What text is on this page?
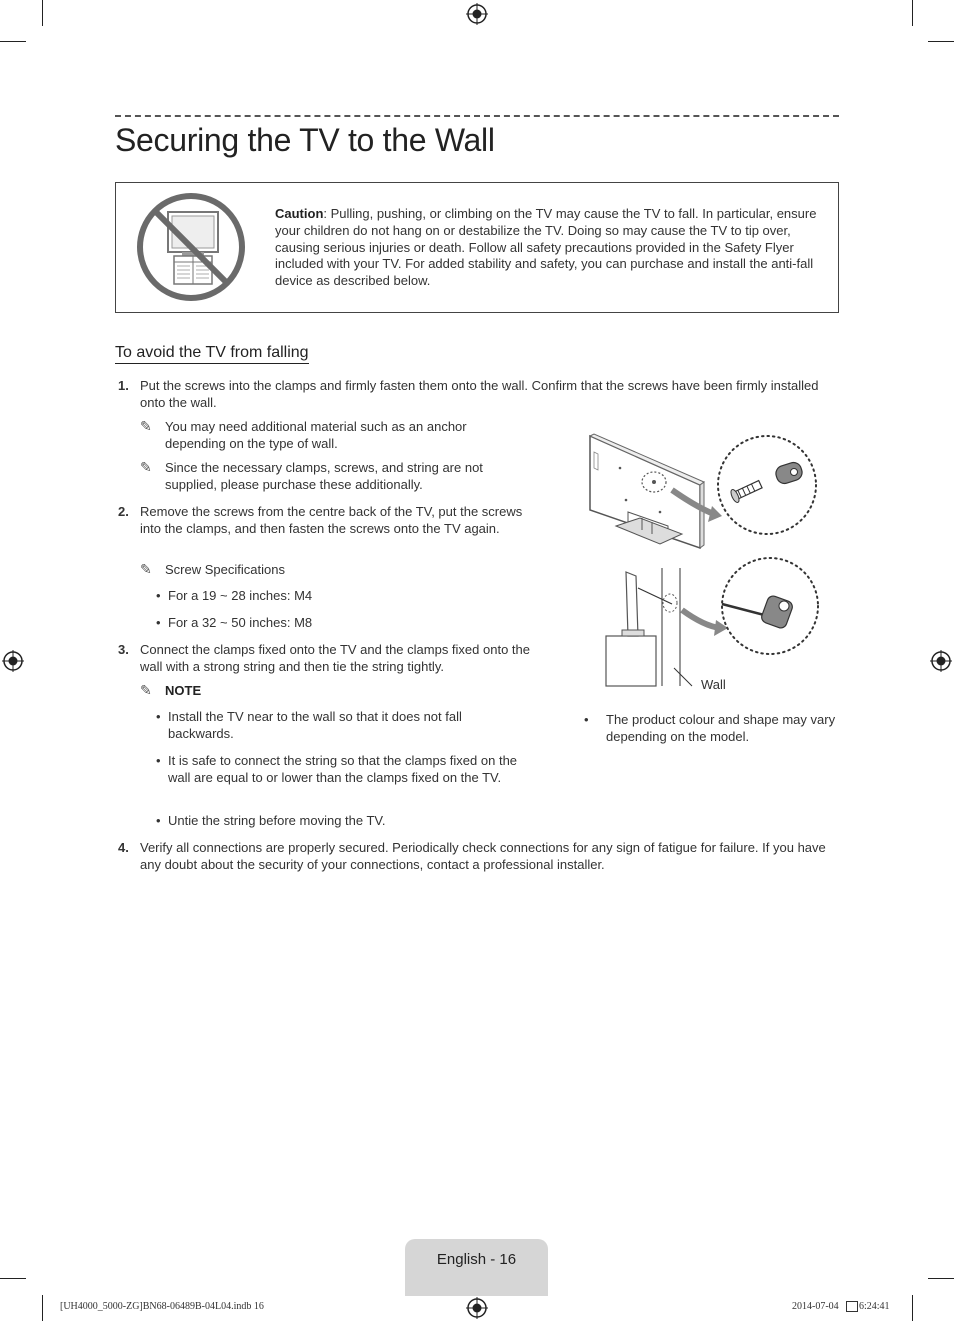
Securing the TV to the Wall
Caution: Pulling, pushing, or climbing on the TV may cause the TV to fall. In particular, ensure your children do not hang on or destabilize the TV. Doing so may cause the TV to tip over, causing serious injuries or death. Follow all safety precautions provided in the Safety Flyer included with your TV. For added stability and safety, you can purchase and install the anti-fall device as described below.
To avoid the TV from falling
1. Put the screws into the clamps and firmly fasten them onto the wall. Confirm that the screws have been firmly installed onto the wall.
✎ You may need additional material such as an anchor depending on the type of wall.
✎ Since the necessary clamps, screws, and string are not supplied, please purchase these additionally.
2. Remove the screws from the centre back of the TV, put the screws into the clamps, and then fasten the screws onto the TV again.
✎ Screw Specifications
• For a 19 ~ 28 inches: M4
• For a 32 ~ 50 inches: M8
3. Connect the clamps fixed onto the TV and the clamps fixed onto the wall with a strong string and then tie the string tightly.
✎ NOTE
• Install the TV near to the wall so that it does not fall backwards.
• It is safe to connect the string so that the clamps fixed on the wall are equal to or lower than the clamps fixed on the TV.
• Untie the string before moving the TV.
4. Verify all connections are properly secured. Periodically check connections for any sign of fatigue for failure. If you have any doubt about the security of your connections, contact a professional installer.
Wall
• The product colour and shape may vary depending on the model.
English - 16
[UH4000_5000-ZG]BN68-06489B-04L04.indb 16	2014-07-04 6:24:41
